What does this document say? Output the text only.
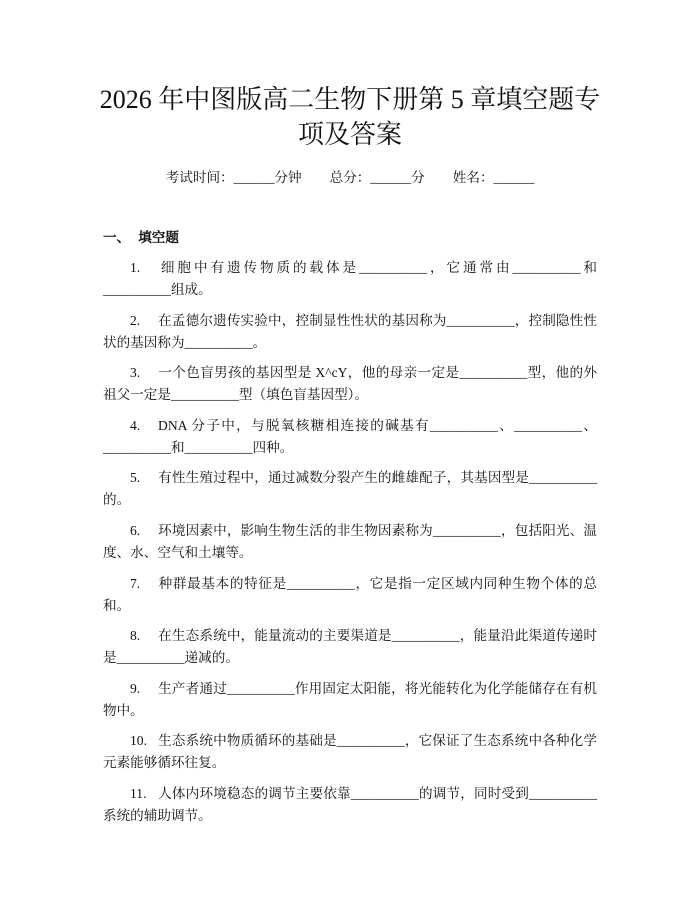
2026 年中图版高二生物下册第 5 章填空题专项及答案
考试时间：______分钟 总分：______分 姓名：______
一、 填空题

1. 细胞中有遗传物质的载体是__________，它通常由__________和__________组成。

2. 在孟德尔遗传实验中，控制显性性状的基因称为__________，控制隐性性状的基因称为__________。

3. 一个色盲男孩的基因型是 X^cY，他的母亲一定是__________型，他的外祖父一定是__________型（填色盲基因型）。

4. DNA 分子中，与脱氧核糖相连接的碱基有__________、__________、__________和__________四种。

5. 有性生殖过程中，通过减数分裂产生的雌雄配子，其基因型是__________的。

6. 环境因素中，影响生物生活的非生物因素称为__________，包括阳光、温度、水、空气和土壤等。

7. 种群最基本的特征是__________，它是指一定区域内同种生物个体的总和。

8. 在生态系统中，能量流动的主要渠道是__________，能量沿此渠道传递时是__________递减的。

9. 生产者通过__________作用固定太阳能，将光能转化为化学能储存在有机物中。

10. 生态系统中物质循环的基础是__________，它保证了生态系统中各种化学元素能够循环往复。

11. 人体内环境稳态的调节主要依靠__________的调节，同时受到__________系统的辅助调节。
